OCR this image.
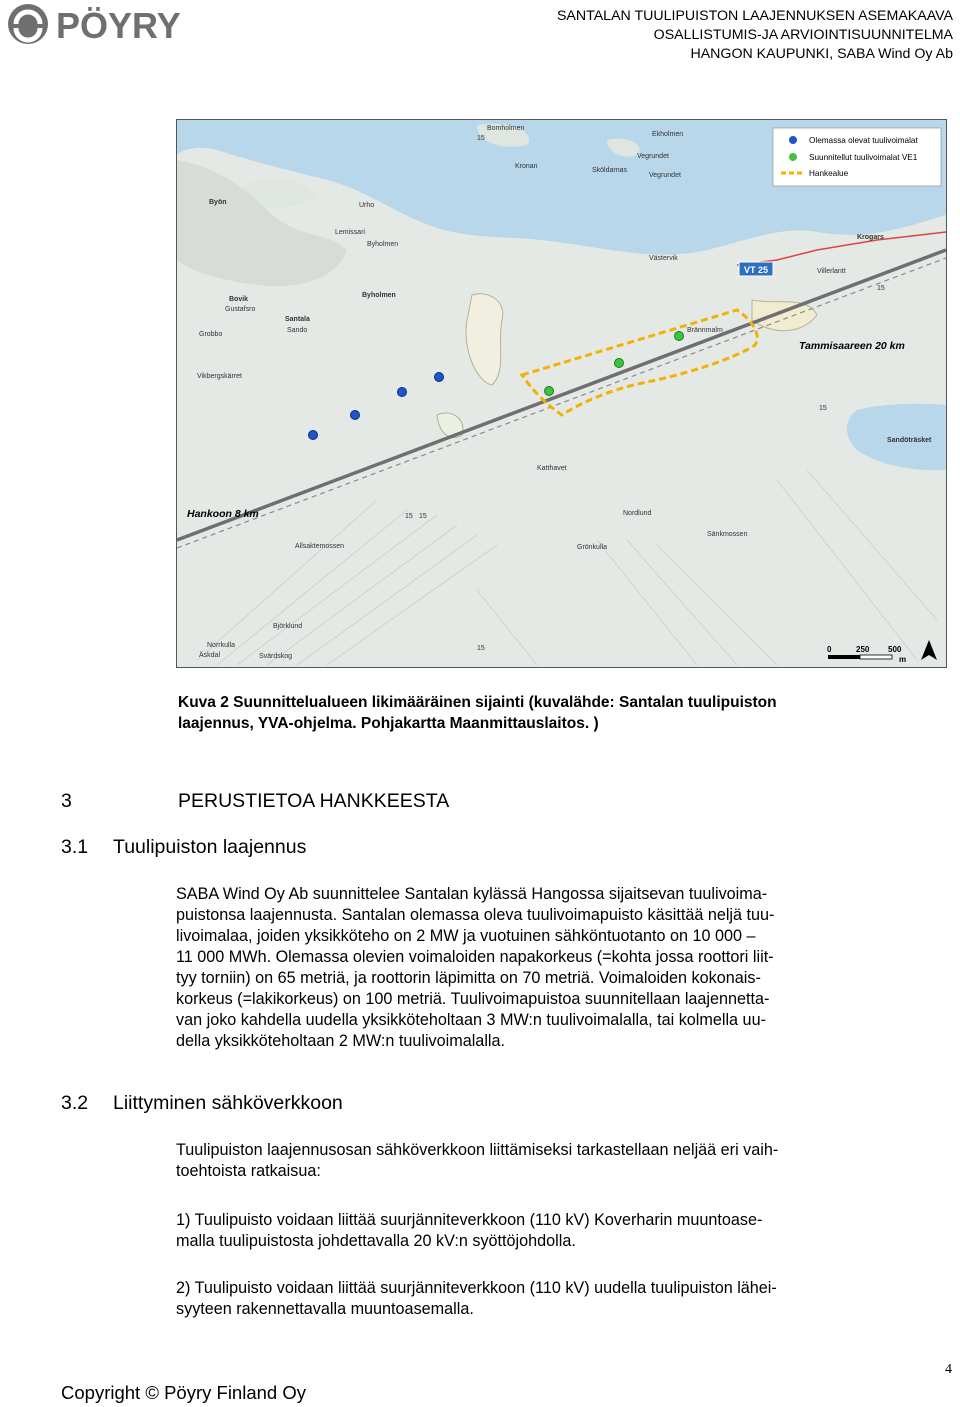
PÖYRY	SANTALAN TUULIPUISTON LAAJENNUKSEN ASEMAKAAVA
OSALLISTUMIS-JA ARVIOINTISUUNNITELMA
HANGON KAUPUNKI, SABA Wind Oy Ab
Olemassa olevat tuulivoimalat
Suunnitellut tuulivoimalat VE1
Hankealue
Bomholmen
Ekholmen
Kronan
Sköldarnas
Vegrundet
Vegrundet
Byön	Urho
Lemissari
Byholmen
Byholmen
Västervik
Krogars
Villerlantt
Bovik
Gustafsro
Santala
Sando
Grobbo
Vikbergskärret
Brännmalm
Katthavet
Nordlund
Sänkmossen
Grönkulla
Allsaktemossen
Björklund
Norrkulla
Äskdal	Svärdskog
Sandöträsket
15
15
15
15 15
15
VT 25
Tammisaareen 20 km
Hankoon 8 km
0	250 500
m
N
Kuva 2 Suunnittelualueen likimääräinen sijainti (kuvalähde: Santalan tuulipuiston
laajennus, YVA-ohjelma. Pohjakartta Maanmittauslaitos. )
3	PERUSTIETOA HANKKEESTA
3.1 Tuulipuiston laajennus
SABA Wind Oy Ab suunnittelee Santalan kylässä Hangossa sijaitsevan tuulivoima-
puistonsa laajennusta. Santalan olemassa oleva tuulivoimapuisto käsittää neljä tuu-
livoimalaa, joiden yksikköteho on 2 MW ja vuotuinen sähköntuotanto on 10 000 –
11 000 MWh. Olemassa olevien voimaloiden napakorkeus (=kohta jossa roottori liit-
tyy torniin) on 65 metriä, ja roottorin läpimitta on 70 metriä. Voimaloiden kokonais-
korkeus (=lakikorkeus) on 100 metriä. Tuulivoimapuistoa suunnitellaan laajennetta-
van joko kahdella uudella yksikköteholtaan 3 MW:n tuulivoimalalla, tai kolmella uu-
della yksikköteholtaan 2 MW:n tuulivoimalalla.
3.2 Liittyminen sähköverkkoon
Tuulipuiston laajennusosan sähköverkkoon liittämiseksi tarkastellaan neljää eri vaih-
toehtoista ratkaisua:
1) Tuulipuisto voidaan liittää suurjänniteverkkoon (110 kV) Koverharin muuntoase-
malla tuulipuistosta johdettavalla 20 kV:n syöttöjohdolla.
2) Tuulipuisto voidaan liittää suurjänniteverkkoon (110 kV) uudella tuulipuiston lähei-
syyteen rakennettavalla muuntoasemalla.
Copyright © Pöyry Finland Oy
4
